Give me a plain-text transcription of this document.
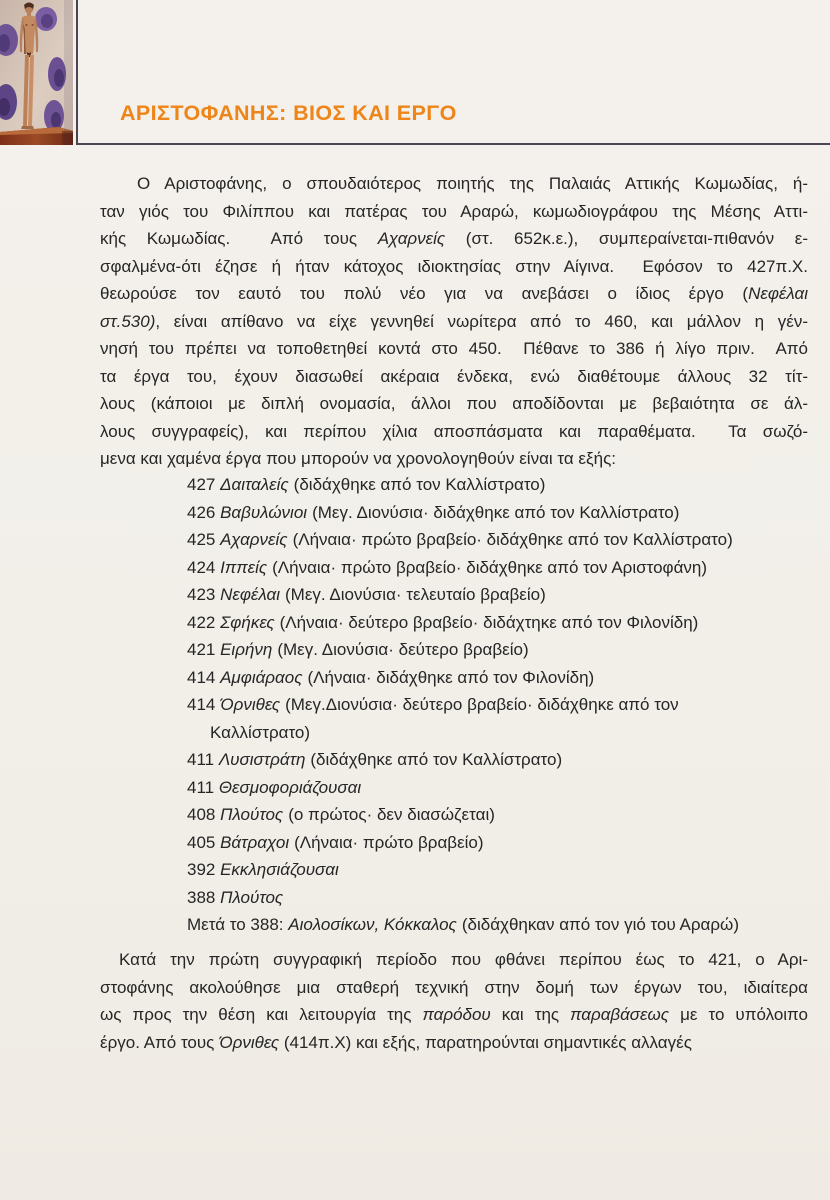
ΑΡΙΣΤΟΦΑΝΗΣ: ΒΙΟΣ ΚΑΙ ΕΡΓΟ
Ο Αριστοφάνης, ο σπουδαιότερος ποιητής της Παλαιάς Αττικής Κωμωδίας, ή-
ταν γιός του Φιλίππου και πατέρας του Αραρώ, κωμωδιογράφου της Μέσης Αττι-
κής Κωμωδίας.  Από τους Αχαρνείς (στ. 652κ.ε.), συμπεραίνεται-πιθανόν ε-
σφαλμένα-ότι έζησε ή ήταν κάτοχος ιδιοκτησίας στην Αίγινα.  Εφόσον το 427π.Χ.
θεωρούσε τον εαυτό του πολύ νέο για να ανεβάσει ο ίδιος έργο (Νεφέλαι
στ.530), είναι απίθανο να είχε γεννηθεί νωρίτερα από το 460, και μάλλον η γέν-
νησή του πρέπει να τοποθετηθεί κοντά στο 450.  Πέθανε το 386 ή λίγο πριν.  Από
τα έργα του, έχουν διασωθεί ακέραια ένδεκα, ενώ διαθέτουμε άλλους 32 τίτ-
λους (κάποιοι με διπλή ονομασία, άλλοι που αποδίδονται με βεβαιότητα σε άλ-
λους συγγραφείς), και περίπου χίλια αποσπάσματα και παραθέματα.  Τα σωζό-
μενα και χαμένα έργα που μπορούν να χρονολογηθούν είναι τα εξής:
427 Δαιταλείς (διδάχθηκε από τον Καλλίστρατο)
426 Βαβυλώνιοι (Μεγ. Διονύσια· διδάχθηκε από τον Καλλίστρατο)
425 Αχαρνείς (Λήναια· πρώτο βραβείο· διδάχθηκε από τον Καλλίστρατο)
424 Ιππείς (Λήναια· πρώτο βραβείο· διδάχθηκε από τον Αριστοφάνη)
423 Νεφέλαι (Μεγ. Διονύσια· τελευταίο βραβείο)
422 Σφήκες (Λήναια· δεύτερο βραβείο· διδάχτηκε από τον Φιλονίδη)
421 Ειρήνη (Μεγ. Διονύσια· δεύτερο βραβείο)
414 Αμφιάραος (Λήναια· διδάχθηκε από τον Φιλονίδη)
414 Όρνιθες (Μεγ.Διονύσια· δεύτερο βραβείο· διδάχθηκε από τον
Καλλίστρατο)
411 Λυσιστράτη (διδάχθηκε από τον Καλλίστρατο)
411 Θεσμοφοριάζουσαι
408 Πλούτος (ο πρώτος· δεν διασώζεται)
405 Βάτραχοι (Λήναια· πρώτο βραβείο)
392 Εκκλησιάζουσαι
388 Πλούτος
Μετά το 388: Αιολοσίκων, Κόκκαλος (διδάχθηκαν από τον γιό του Αραρώ)
Κατά την πρώτη συγγραφική περίοδο που φθάνει περίπου έως το 421, ο Αρι-
στοφάνης ακολούθησε μια σταθερή τεχνική στην δομή των έργων του, ιδιαίτερα
ως προς την θέση και λειτουργία της παρόδου και της παραβάσεως με το υπόλοιπο
έργο. Από τους Όρνιθες (414π.Χ) και εξής, παρατηρούνται σημαντικές αλλαγές
